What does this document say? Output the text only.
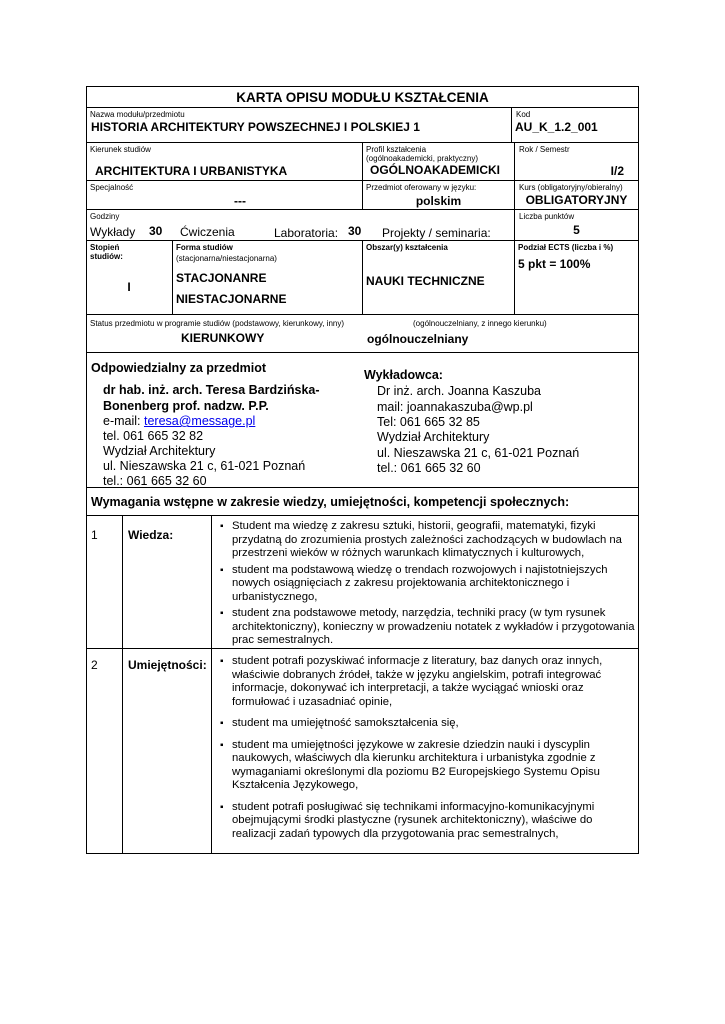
KARTA OPISU MODUŁU KSZTAŁCENIA
Nazwa modułu/przedmiotu
HISTORIA ARCHITEKTURY POWSZECHNEJ I POLSKIEJ 1
Kod
AU_K_1.2_001
Kierunek studiów
ARCHITEKTURA I URBANISTYKA
Profil kształcenia
(ogólnoakademicki, praktyczny)
OGÓLNOAKADEMICKI
Rok / Semestr
I/2
Specjalność
---
Przedmiot oferowany w języku:
polskim
Kurs (obligatoryjny/obieralny)
OBLIGATORYJNY
Godziny
Wykłady 30 Ćwiczenia	Laboratoria: 30 Projekty / seminaria:
Liczba punktów
5
Stopień
studiów:
I
Forma studiów
(stacjonarna/niestacjonarna)
STACJONANRE
NIESTACJONARNE
Obszar(y) kształcenia
NAUKI TECHNICZNE
Podział ECTS (liczba i %)
5 pkt = 100%
Status przedmiotu w programie studiów (podstawowy, kierunkowy, inny)	(ogólnouczelniany, z innego kierunku)
KIERUNKOWY	ogólnouczelniany
Odpowiedzialny za przedmiot
dr hab. inż. arch. Teresa Bardzińska-
Bonenberg prof. nadzw. P.P.
e-mail: teresa@message.pl
tel. 061 665 32 82
Wydział Architektury
ul. Nieszawska 21 c, 61-021 Poznań
tel.: 061 665 32 60
Wykładowca:
Dr inż. arch. Joanna Kaszuba
mail: joannakaszuba@wp.pl
Tel: 061 665 32 85
Wydział Architektury
ul. Nieszawska 21 c, 61-021 Poznań
tel.: 061 665 32 60
Wymagania wstępne w zakresie wiedzy, umiejętności, kompetencji społecznych:
1	Wiedza:
▪ Student ma wiedzę z zakresu sztuki, historii, geografii, matematyki, fizyki przydatną do zrozumienia prostych zależności zachodzących w budowlach na przestrzeni wieków w różnych warunkach klimatycznych i kulturowych,
▪ student ma podstawową wiedzę o trendach rozwojowych i najistotniejszych nowych osiągnięciach z zakresu projektowania architektonicznego i urbanistycznego,
▪ student zna podstawowe metody, narzędzia, techniki pracy (w tym rysunek architektoniczny), konieczny w prowadzeniu notatek z wykładów i przygotowania prac semestralnych.
2	Umiejętności:
▪	student potrafi pozyskiwać informacje z literatury, baz danych oraz innych, właściwie dobranych źródeł, także w języku angielskim, potrafi integrować informacje, dokonywać ich interpretacji, a także wyciągać wnioski oraz formułować i uzasadniać opinie,
▪ student ma umiejętność samokształcenia się,
▪ student ma umiejętności językowe w zakresie dziedzin nauki i dyscyplin naukowych, właściwych dla kierunku architektura i urbanistyka zgodnie z wymaganiami określonymi dla poziomu B2 Europejskiego Systemu Opisu Kształcenia Językowego,
▪ student potrafi posługiwać się technikami informacyjno-komunikacyjnymi obejmującymi środki plastyczne (rysunek architektoniczny), właściwe do realizacji zadań typowych dla przygotowania prac semestralnych,
